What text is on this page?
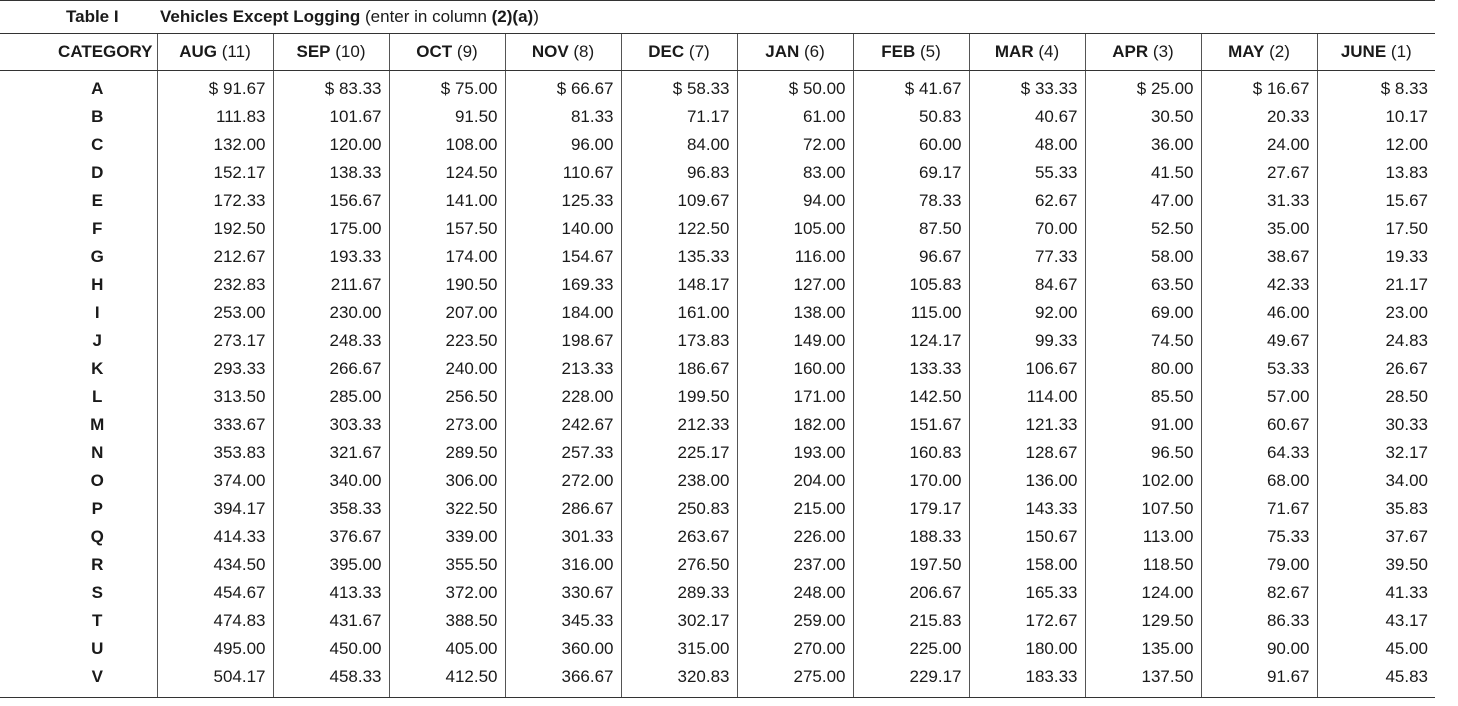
Table I Vehicles Except Logging (enter in column (2)(a))
CATEGORY	AUG (11)	SEP (10)	OCT (9)	NOV (8)	DEC (7)	JAN (6)	FEB (5)	MAR (4)	APR (3)	MAY (2)	JUNE (1)
A	$ 91.67	$ 83.33	$ 75.00	$ 66.67	$ 58.33	$ 50.00	$ 41.67	$ 33.33	$ 25.00	$ 16.67	$ 8.33
B	111.83	101.67	91.50	81.33	71.17	61.00	50.83	40.67	30.50	20.33	10.17
C	132.00	120.00	108.00	96.00	84.00	72.00	60.00	48.00	36.00	24.00	12.00
D	152.17	138.33	124.50	110.67	96.83	83.00	69.17	55.33	41.50	27.67	13.83
E	172.33	156.67	141.00	125.33	109.67	94.00	78.33	62.67	47.00	31.33	15.67
F	192.50	175.00	157.50	140.00	122.50	105.00	87.50	70.00	52.50	35.00	17.50
G	212.67	193.33	174.00	154.67	135.33	116.00	96.67	77.33	58.00	38.67	19.33
H	232.83	211.67	190.50	169.33	148.17	127.00	105.83	84.67	63.50	42.33	21.17
I	253.00	230.00	207.00	184.00	161.00	138.00	115.00	92.00	69.00	46.00	23.00
J	273.17	248.33	223.50	198.67	173.83	149.00	124.17	99.33	74.50	49.67	24.83
K	293.33	266.67	240.00	213.33	186.67	160.00	133.33	106.67	80.00	53.33	26.67
L	313.50	285.00	256.50	228.00	199.50	171.00	142.50	114.00	85.50	57.00	28.50
M	333.67	303.33	273.00	242.67	212.33	182.00	151.67	121.33	91.00	60.67	30.33
N	353.83	321.67	289.50	257.33	225.17	193.00	160.83	128.67	96.50	64.33	32.17
O	374.00	340.00	306.00	272.00	238.00	204.00	170.00	136.00	102.00	68.00	34.00
P	394.17	358.33	322.50	286.67	250.83	215.00	179.17	143.33	107.50	71.67	35.83
Q	414.33	376.67	339.00	301.33	263.67	226.00	188.33	150.67	113.00	75.33	37.67
R	434.50	395.00	355.50	316.00	276.50	237.00	197.50	158.00	118.50	79.00	39.50
S	454.67	413.33	372.00	330.67	289.33	248.00	206.67	165.33	124.00	82.67	41.33
T	474.83	431.67	388.50	345.33	302.17	259.00	215.83	172.67	129.50	86.33	43.17
U	495.00	450.00	405.00	360.00	315.00	270.00	225.00	180.00	135.00	90.00	45.00
V	504.17	458.33	412.50	366.67	320.83	275.00	229.17	183.33	137.50	91.67	45.83
